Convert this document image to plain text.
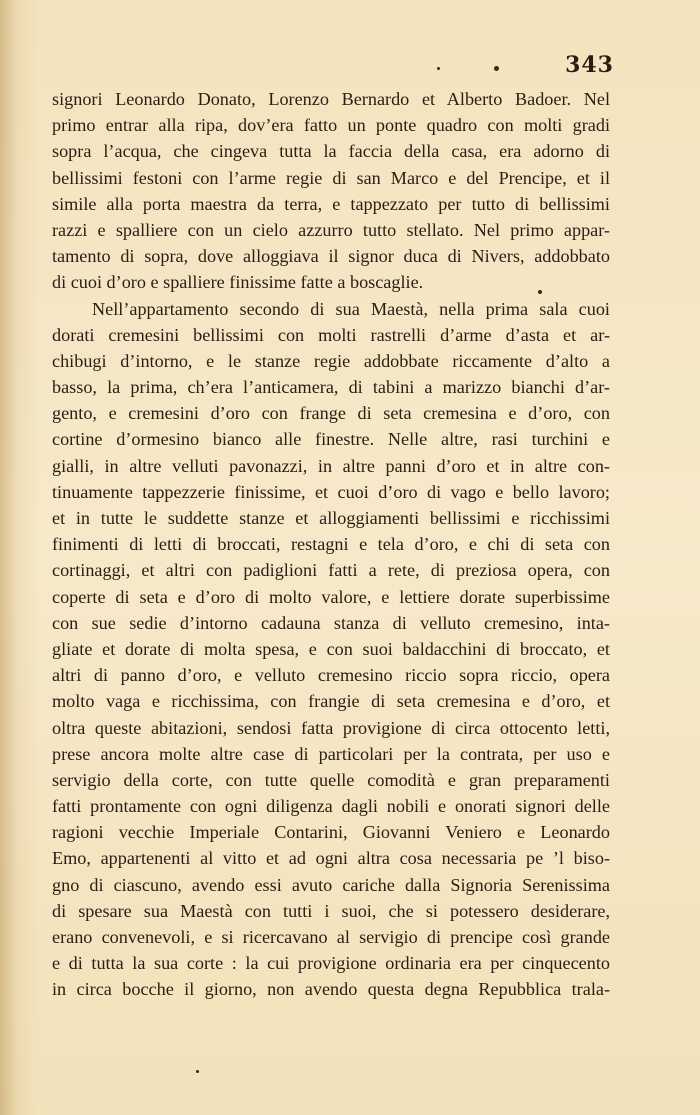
343
signori Leonardo Donato, Lorenzo Bernardo et Alberto Badoer. Nel
primo entrar alla ripa, dov’era fatto un ponte quadro con molti gradi
sopra l’acqua, che cingeva tutta la faccia della casa, era adorno di
bellissimi festoni con l’arme regie di san Marco e del Prencipe, et il
simile alla porta maestra da terra, e tappezzato per tutto di bellissimi
razzi e spalliere con un cielo azzurro tutto stellato. Nel primo appar-
tamento di sopra, dove alloggiava il signor duca di Nivers, addobbato
di cuoi d’oro e spalliere finissime fatte a boscaglie.
Nell’appartamento secondo di sua Maestà, nella prima sala cuoi
dorati cremesini bellissimi con molti rastrelli d’arme d’asta et ar-
chibugi d’intorno, e le stanze regie addobbate riccamente d’alto a
basso, la prima, ch’era l’anticamera, di tabini a marizzo bianchi d’ar-
gento, e cremesini d’oro con frange di seta cremesina e d’oro, con
cortine d’ormesino bianco alle finestre. Nelle altre, rasi turchini e
gialli, in altre velluti pavonazzi, in altre panni d’oro et in altre con-
tinuamente tappezzerie finissime, et cuoi d’oro di vago e bello lavoro;
et in tutte le suddette stanze et alloggiamenti bellissimi e ricchissimi
finimenti di letti di broccati, restagni e tela d’oro, e chi di seta con
cortinaggi, et altri con padiglioni fatti a rete, di preziosa opera, con
coperte di seta e d’oro di molto valore, e lettiere dorate superbissime
con sue sedie d’intorno cadauna stanza di velluto cremesino, inta-
gliate et dorate di molta spesa, e con suoi baldacchini di broccato, et
altri di panno d’oro, e velluto cremesino riccio sopra riccio, opera
molto vaga e ricchissima, con frangie di seta cremesina e d’oro, et
oltra queste abitazioni, sendosi fatta provigione di circa ottocento letti,
prese ancora molte altre case di particolari per la contrata, per uso e
servigio della corte, con tutte quelle comodità e gran preparamenti
fatti prontamente con ogni diligenza dagli nobili e onorati signori delle
ragioni vecchie Imperiale Contarini, Giovanni Veniero e Leonardo
Emo, appartenenti al vitto et ad ogni altra cosa necessaria pe ’l biso-
gno di ciascuno, avendo essi avuto cariche dalla Signoria Serenissima
di spesare sua Maestà con tutti i suoi, che si potessero desiderare,
erano convenevoli, e si ricercavano al servigio di prencipe così grande
e di tutta la sua corte : la cui provigione ordinaria era per cinquecento
in circa bocche il giorno, non avendo questa degna Repubblica trala-
